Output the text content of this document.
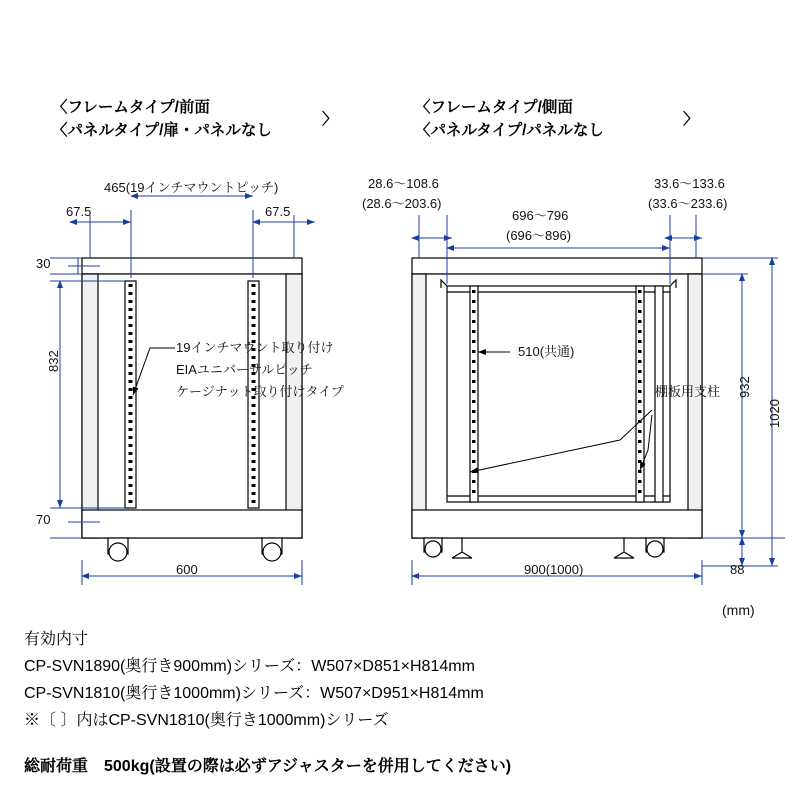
〈フレームタイプ/前面
〈パネルタイプ/扉・パネルなし
〉
〈フレームタイプ/側面
〈パネルタイプ/パネルなし
〉
465(19インチマウントピッチ)
67.5	67.5
30
832
70
600
19インチマウント取り付け
EIAユニバーサルピッチ
ケージナット取り付けタイプ
28.6〜108.6
(28.6〜203.6)
33.6〜133.6
(33.6〜233.6)
696〜796
(696〜896)
510(共通)
棚板用支柱 932
1020
88
900(1000)
(mm)
有効内寸
CP-SVN1890(奥行き900mm)シリーズ：W507×D851×H814mm
CP-SVN1810(奥行き1000mm)シリーズ：W507×D951×H814mm
※〔 〕内はCP-SVN1810(奥行き1000mm)シリーズ
総耐荷重　500kg(設置の際は必ずアジャスターを併用してください)
